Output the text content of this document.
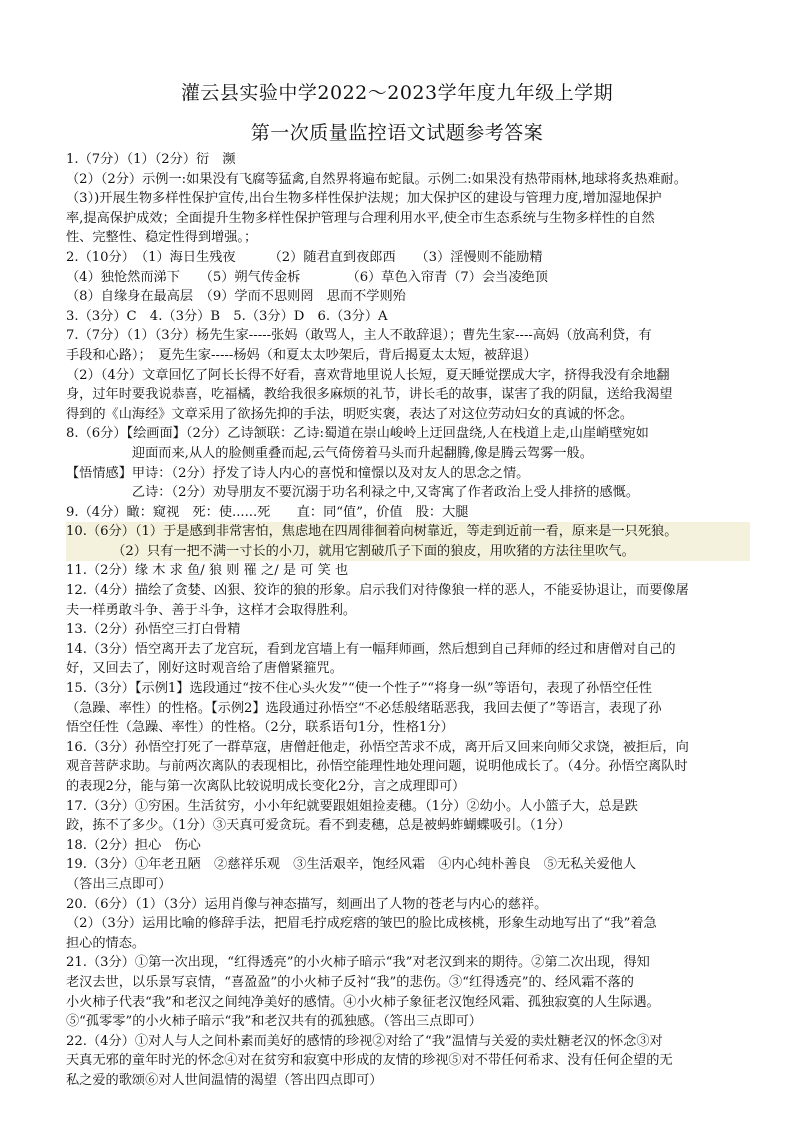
灌云县实验中学2022～2023学年度九年级上学期
第一次质量监控语文试题参考答案
1.（7分）（1）（2分）衍　濒
（2）（2分）示例一:如果没有飞腐等猛禽,自然界将遍布蛇鼠。示例二:如果没有热带雨林,地球将炙热难耐。
（3）)开展生物多样性保护宣传,出台生物多样性保护法规；加大保护区的建设与管理力度,增加湿地保护
率,提高保护成效；全面提升生物多样性保护管理与合理利用水平,使全市生态系统与生物多样性的自然
性、完整性、稳定性得到增强。；
2.（10分）　（1）海日生残夜　　　（2）随君直到夜郎西　　（3）淫慢则不能励精
（4）独怆然而涕下　　（5）朔气传金柝　　　　（6）草色入帘青（7）会当凌绝顶
（8）自缘身在最高层　（9）学而不思则罔　思而不学则殆
3.（3分）C　4.（3分）B　5.（3分）D　6.（3分）A
7.（7分）（1）（3分）杨先生家-----张妈（敢骂人，主人不敢辞退）；曹先生家----高妈（放高利贷，有
手段和心路）；　夏先生家-----杨妈（和夏太太吵架后，背后揭夏太太短，被辞退）
（2）（4分）文章回忆了阿长长得不好看，喜欢背地里说人长短，夏天睡觉摆成大字，挤得我没有余地翻
身，过年时要我说恭喜，吃福橘，教给我很多麻烦的礼节，讲长毛的故事，谋害了我的阴鼠，送给我渴望
得到的《山海经》文章采用了欲扬先抑的手法，明贬实褒，表达了对这位劳动妇女的真诚的怀念。
8.（6分）【绘画面】（2分）乙诗颔联：乙诗:蜀道在崇山峻岭上迂回盘绕,人在栈道上走,山崖峭壁宛如
　　　　　迎面而来,从人的脸侧重叠而起,云气倚傍着马头而升起翻腾,像是腾云驾雾一般。
【悟情感】甲诗：（2分）抒发了诗人内心的喜悦和憧憬以及对友人的思念之情。
　　　　　乙诗：（2分）劝导朋友不要沉溺于功名利禄之中,又寄寓了作者政治上受人排挤的感慨。
9.（4分）瞰：窥视　死：使......死　　直：同“值”，价值　股：大腿
10.（6分）（1）于是感到非常害怕，焦虑地在四周徘徊着向树靠近，等走到近前一看，原来是一只死狼。
　　　　（2）只有一把不满一寸长的小刀，就用它割破爪子下面的狼皮，用吹猪的方法往里吹气。
11.（2分）缘 木 求 鱼/ 狼 则 罹 之/ 是 可 笑 也
12.（4分）描绘了贪婪、凶狠、狡诈的狼的形象。启示我们对待像狼一样的恶人，不能妥协退让，而要像屠
夫一样勇敢斗争、善于斗争，这样才会取得胜利。
13.（2分）孙悟空三打白骨精
14.（3分）悟空离开去了龙宫玩，看到龙宫墙上有一幅拜师画，然后想到自己拜师的经过和唐僧对自己的
好，又回去了，刚好这时观音给了唐僧紧箍咒。
15.（3分）【示例1】选段通过“按不住心头火发”“使一个性子”“将身一纵”等语句，表现了孙悟空任性
（急躁、率性）的性格。【示例2】选段通过孙悟空“不必恁般绪聒恶我，我回去便了”等语言，表现了孙
悟空任性（急躁、率性）的性格。（2分，联系语句1分，性格1分）
16.（3分）孙悟空打死了一群草寇，唐僧赶他走，孙悟空苦求不成，离开后又回来向师父求饶，被拒后，向
观音菩萨求助。与前两次离队的表现相比，孙悟空能理性地处理问题，说明他成长了。（4分。孙悟空离队时
的表现2分，能与第一次离队比较说明成长变化2分，言之成理即可）
17.（3分）①穷困。生活贫穷，小小年纪就要跟姐姐捡麦穗。（1分）②幼小。人小篮子大，总是跌
跤，拣不了多少。（1分）③天真可爱贪玩。看不到麦穗，总是被蚂蚱蝴蝶吸引。（1分）
18.（2分）担心　伤心
19.（3分）①年老丑陋　②慈祥乐观　③生活艰辛，饱经风霜　④内心纯朴善良　⑤无私关爱他人
（答出三点即可）
20.（6分）（1）（3分）运用肖像与神态描写，刻画出了人物的苍老与内心的慈祥。
（2）（3分）运用比喻的修辞手法，把眉毛拧成疙瘩的皱巴的脸比成核桃，形象生动地写出了“我”着急
担心的情态。
21.（3分）①第一次出现，“红得透亮”的小火柿子暗示“我”对老汉到来的期待。②第二次出现，得知
老汉去世，以乐景写哀情，“喜盈盈”的小火柿子反衬“我”的悲伤。③“红得透亮”的、经风霜不落的
小火柿子代表“我”和老汉之间纯净美好的感情。④小火柿子象征老汉饱经风霜、孤独寂寞的人生际遇。
⑤“孤零零”的小火柿子暗示“我”和老汉共有的孤独感。（答出三点即可）
22.（4分）①对人与人之间朴素而美好的感情的珍视②对给了“我”温情与关爱的卖灶糖老汉的怀念③对
天真无邪的童年时光的怀念④对在贫穷和寂寞中形成的友情的珍视⑤对不带任何希求、没有任何企望的无
私之爱的歌颂⑥对人世间温情的渴望（答出四点即可）
